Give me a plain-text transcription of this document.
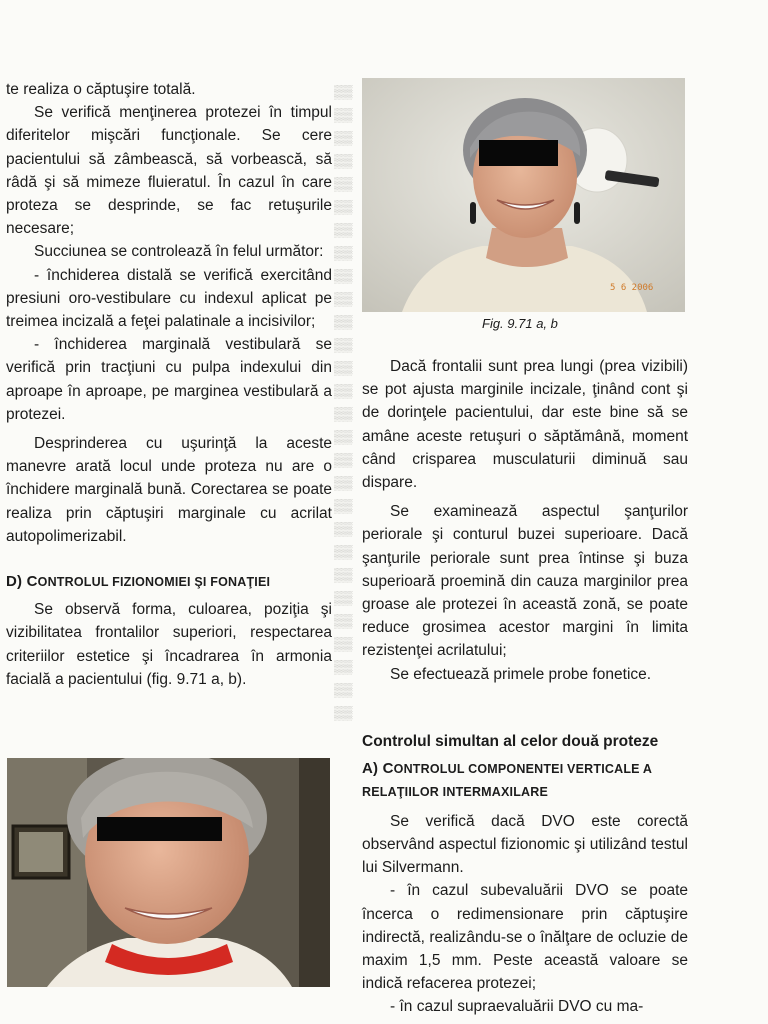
▒▒
▒▒
▒▒
▒▒
▒▒
▒▒
▒▒
▒▒
▒▒
▒▒
▒▒
▒▒
▒▒
▒▒
▒▒
▒▒
▒▒
▒▒
▒▒
▒▒
▒▒
▒▒
▒▒
▒▒
▒▒
▒▒
▒▒
▒▒

te realiza o căptuşire totală.

Se verifică menţinerea protezei în timpul diferitelor mişcări funcţionale. Se cere pacientului să zâmbească, să vorbească, să râdă şi să mimeze fluieratul. În cazul în care proteza se desprinde, se fac retuşurile necesare;

Succiunea se controlează în felul următor:

- închiderea distală se verifică exercitând presiuni oro-vestibulare cu indexul aplicat pe treimea incizală a feţei palatinale a incisivilor;

- închiderea marginală vestibulară se verifică prin tracţiuni cu pulpa indexului din aproape în aproape, pe marginea vestibulară a protezei.

Desprinderea cu uşurinţă la aceste manevre arată locul unde proteza nu are o închidere marginală bună. Corectarea se poate realiza prin căptuşiri marginale cu acrilat autopolimerizabil.

D) CONTROLUL FIZIONOMIEI ŞI FONAŢIEI

Se observă forma, culoarea, poziţia şi vizibilitatea frontalilor superiori, respectarea criteriilor estetice şi încadrarea în armonia facială a pacientului (fig. 9.71 a, b).

5 6 2006
Fig. 9.71 a, b

Dacă frontalii sunt prea lungi (prea vizibili) se pot ajusta marginile incizale, ţinând cont şi de dorinţele pacientului, dar este bine să se amâne aceste retuşuri o săptămână, moment când crisparea musculaturii diminuă sau dispare.

Se examinează aspectul şanţurilor periorale şi conturul buzei superioare. Dacă şanţurile periorale sunt prea întinse şi buza superioară proemină din cauza marginilor prea groase ale protezei în această zonă, se poate reduce grosimea acestor margini în limita rezistenţei acrilatului;

Se efectuează primele probe fonetice.

Controlul simultan al celor două proteze
A) CONTROLUL COMPONENTEI VERTICALE A RELAŢIILOR INTERMAXILARE

Se verifică dacă DVO este corectă observând aspectul fizionomic şi utilizând testul lui Silvermann.

- în cazul subevaluării DVO se poate încerca o redimensionare prin căptuşire indirectă, realizându-se o înălţare de ocluzie de maxim 1,5 mm. Peste această valoare se indică refacerea protezei;

- în cazul supraevaluării DVO cu ma-
